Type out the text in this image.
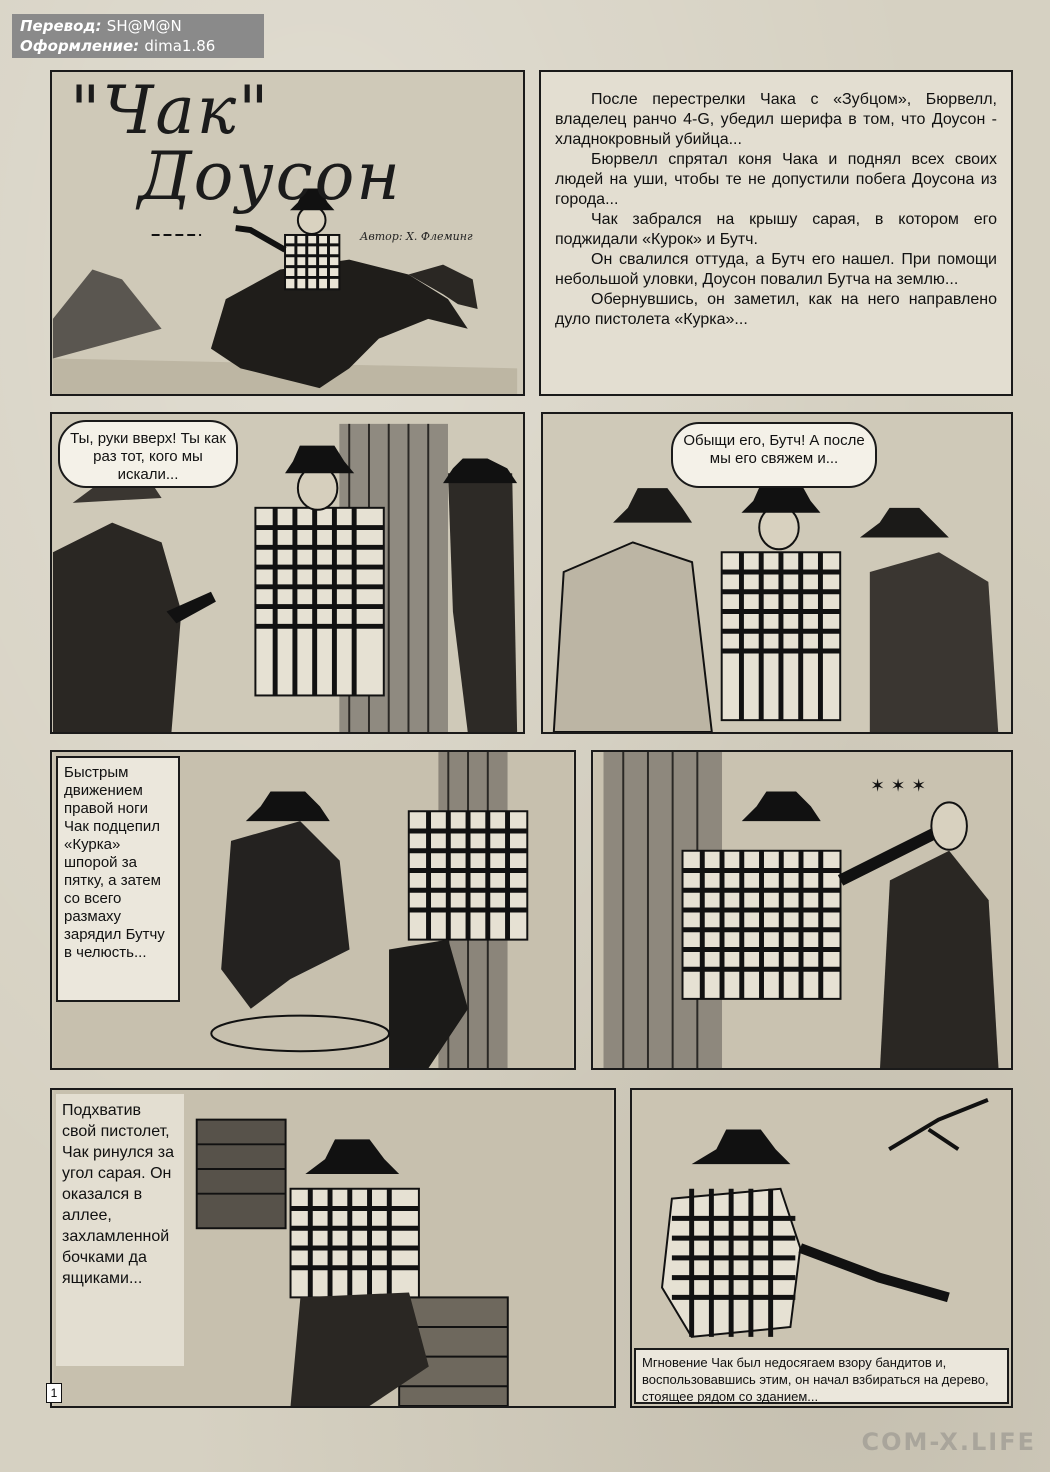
Перевод: SH@M@N
Оформление: dima1.86
"Чак"
Доусон
Автор: Х. Флеминг

После перестрелки Чака с «Зубцом», Бюрвелл, владелец ранчо 4-G, убедил шерифа в том, что Доусон - хладнокровный убийца...

Бюрвелл спрятал коня Чака и поднял всех своих людей на уши, чтобы те не допустили побега Доусона из города...

Чак забрался на крышу сарая, в котором его поджидали «Курок» и Бутч.

Он свалился оттуда, а Бутч его нашел. При помощи небольшой уловки, Доусон повалил Бутча на землю...

Обернувшись, он заметил, как на него направлено дуло пистолета «Курка»...

Ты, руки вверх! Ты как раз тот, кого мы искали...
Обыщи его, Бутч! А после мы его свяжем и...
Быстрым движением правой ноги Чак подцепил «Курка» шпорой за пятку, а затем со всего размаху зарядил Бутчу в челюсть...
✶ ✶ ✶
Подхватив свой пистолет, Чак ринулся за угол сарая. Он оказался в аллее, захламленной бочками да ящиками...
Мгновение Чак был недосягаем взору бандитов и, воспользовавшись этим, он начал взбираться на дерево, стоящее рядом со зданием...
1
COM-X.LIFE
